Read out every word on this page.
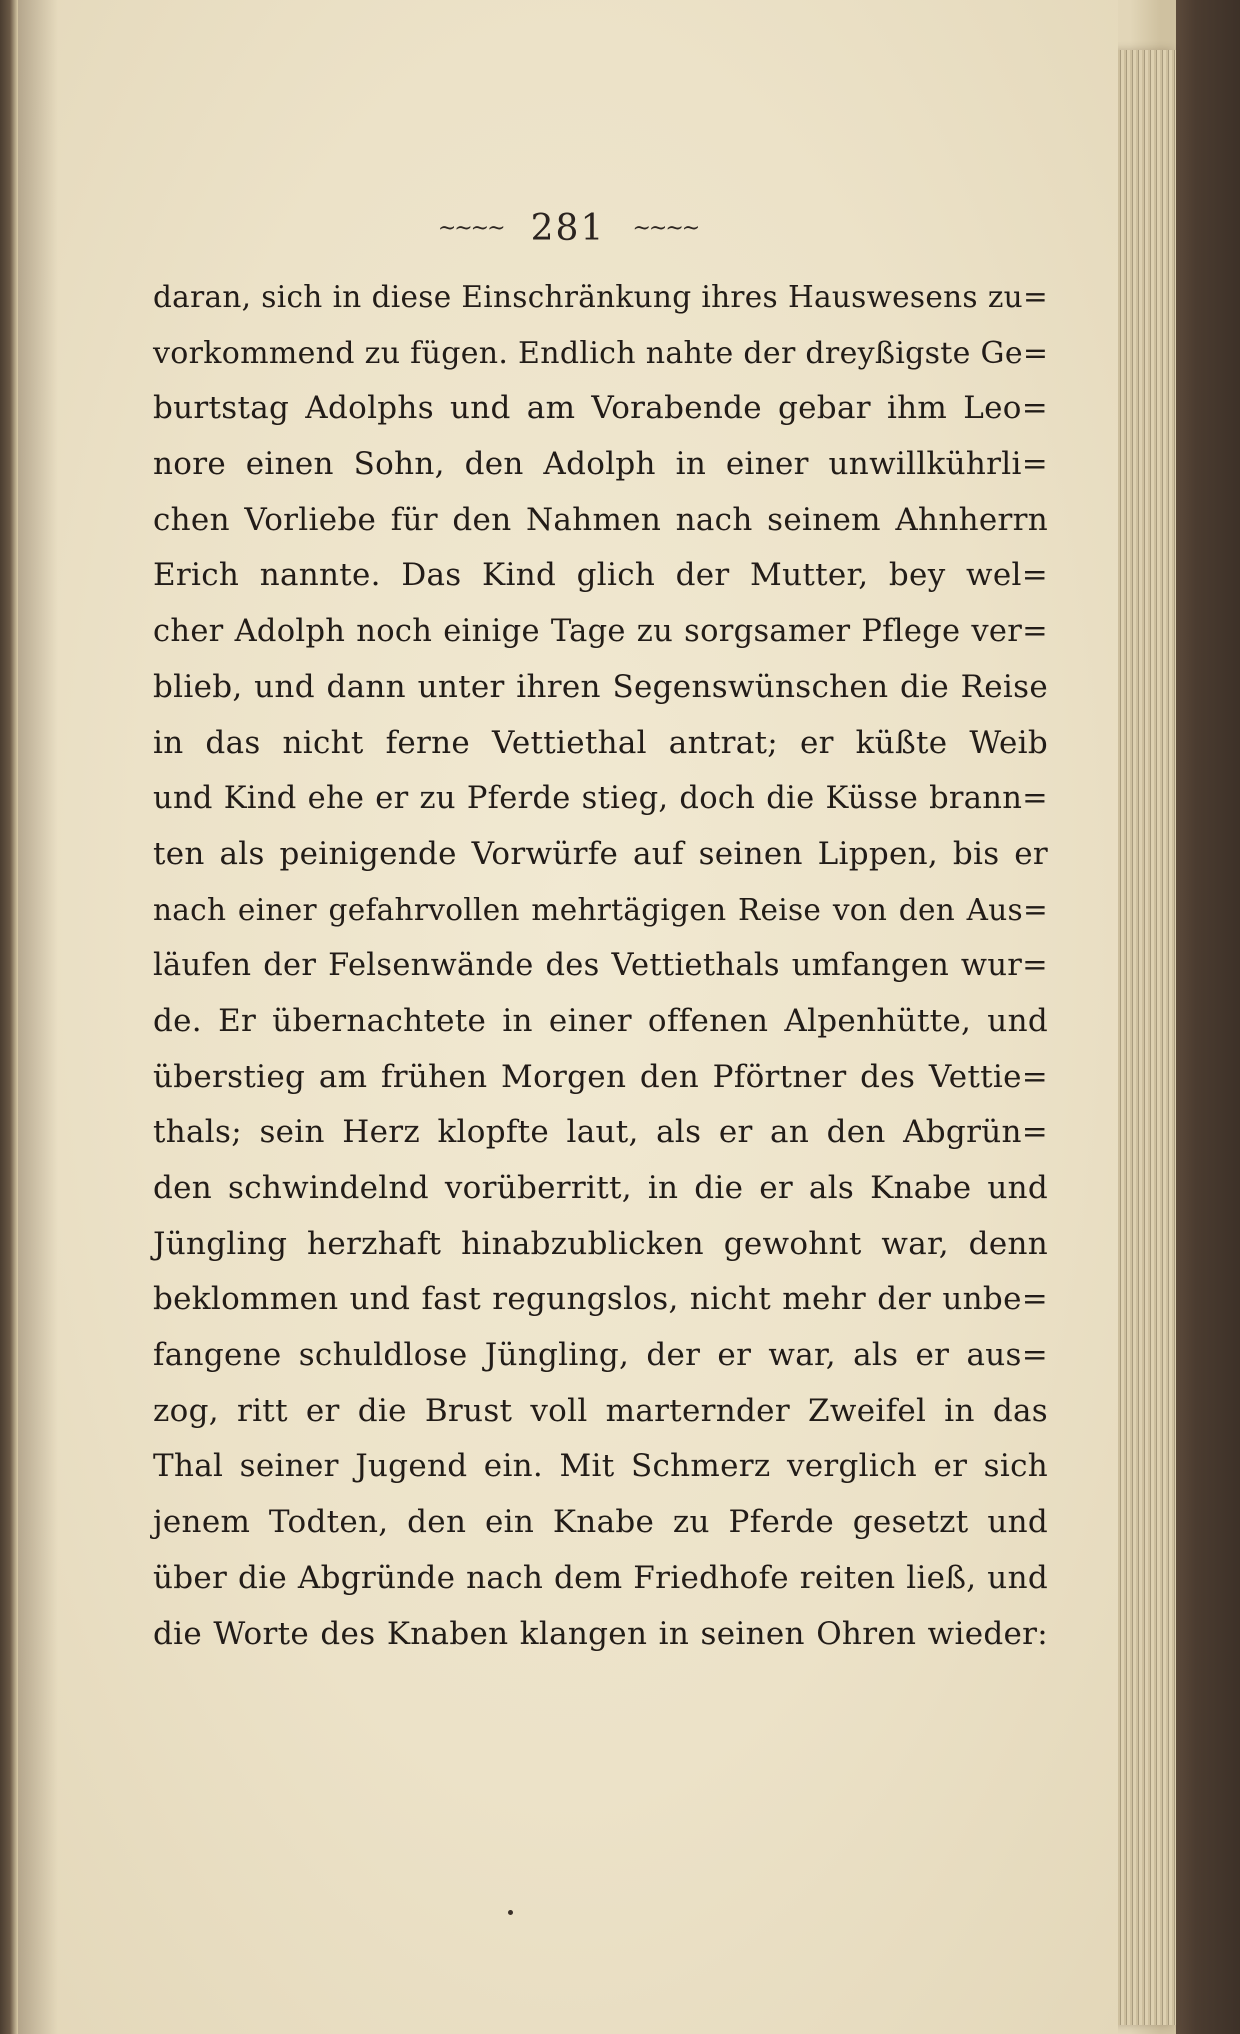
~~~~ 281 ~~~~
daran, sich in diese Einschränkung ihres Hauswesens zu=
vorkommend zu fügen. Endlich nahte der dreyßigste Ge=
burtstag Adolphs und am Vorabende gebar ihm Leo=
nore einen Sohn, den Adolph in einer unwillkührli=
chen Vorliebe für den Nahmen nach seinem Ahnherrn
Erich nannte. Das Kind glich der Mutter, bey wel=
cher Adolph noch einige Tage zu sorgsamer Pflege ver=
blieb, und dann unter ihren Segenswünschen die Reise
in das nicht ferne Vettiethal antrat; er küßte Weib
und Kind ehe er zu Pferde stieg, doch die Küsse brann=
ten als peinigende Vorwürfe auf seinen Lippen, bis er
nach einer gefahrvollen mehrtägigen Reise von den Aus=
läufen der Felsenwände des Vettiethals umfangen wur=
de. Er übernachtete in einer offenen Alpenhütte, und
überstieg am frühen Morgen den Pförtner des Vettie=
thals; sein Herz klopfte laut, als er an den Abgrün=
den schwindelnd vorüberritt, in die er als Knabe und
Jüngling herzhaft hinabzublicken gewohnt war, denn
beklommen und fast regungslos, nicht mehr der unbe=
fangene schuldlose Jüngling, der er war, als er aus=
zog, ritt er die Brust voll marternder Zweifel in das
Thal seiner Jugend ein. Mit Schmerz verglich er sich
jenem Todten, den ein Knabe zu Pferde gesetzt und
über die Abgründe nach dem Friedhofe reiten ließ, und
die Worte des Knaben klangen in seinen Ohren wieder:
